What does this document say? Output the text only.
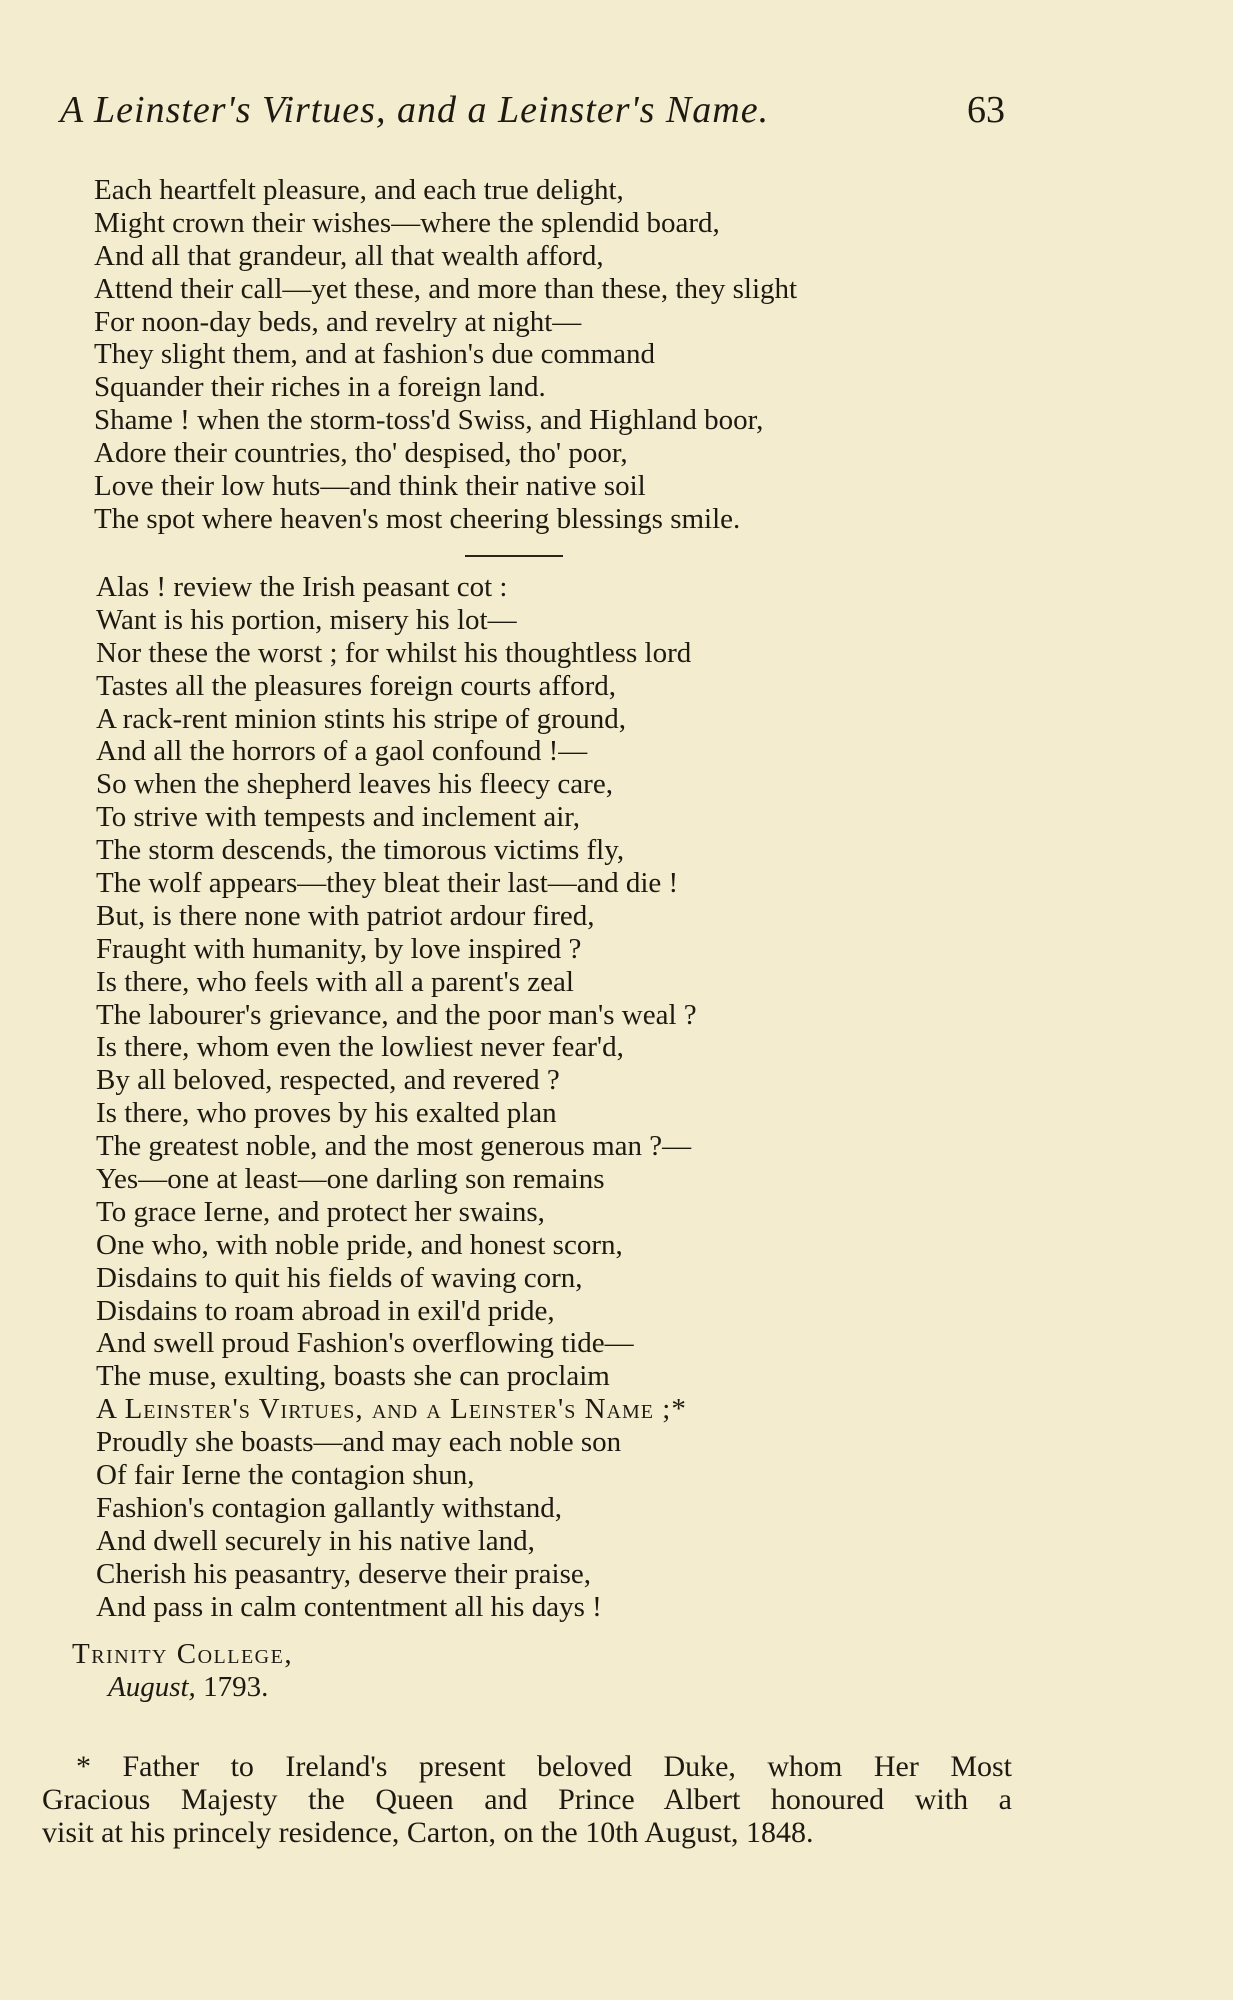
A Leinster's Virtues, and a Leinster's Name.	63
Each heartfelt pleasure, and each true delight,
Might crown their wishes—where the splendid board,
And all that grandeur, all that wealth afford,
Attend their call—yet these, and more than these, they slight
For noon-day beds, and revelry at night—
They slight them, and at fashion's due command
Squander their riches in a foreign land.
Shame ! when the storm-toss'd Swiss, and Highland boor,
Adore their countries, tho' despised, tho' poor,
Love their low huts—and think their native soil
The spot where heaven's most cheering blessings smile.
Alas ! review the Irish peasant cot :
Want is his portion, misery his lot—
Nor these the worst ; for whilst his thoughtless lord
Tastes all the pleasures foreign courts afford,
A rack-rent minion stints his stripe of ground,
And all the horrors of a gaol confound !—
So when the shepherd leaves his fleecy care,
To strive with tempests and inclement air,
The storm descends, the timorous victims fly,
The wolf appears—they bleat their last—and die !
But, is there none with patriot ardour fired,
Fraught with humanity, by love inspired ?
Is there, who feels with all a parent's zeal
The labourer's grievance, and the poor man's weal ?
Is there, whom even the lowliest never fear'd,
By all beloved, respected, and revered ?
Is there, who proves by his exalted plan
The greatest noble, and the most generous man ?—
Yes—one at least—one darling son remains
To grace Ierne, and protect her swains,
One who, with noble pride, and honest scorn,
Disdains to quit his fields of waving corn,
Disdains to roam abroad in exil'd pride,
And swell proud Fashion's overflowing tide—
The muse, exulting, boasts she can proclaim
A Leinster's Virtues, and a Leinster's Name ;*
Proudly she boasts—and may each noble son
Of fair Ierne the contagion shun,
Fashion's contagion gallantly withstand,
And dwell securely in his native land,
Cherish his peasantry, deserve their praise,
And pass in calm contentment all his days !
Trinity College,
August, 1793.
* Father to Ireland's present beloved Duke, whom Her Most
Gracious Majesty the Queen and Prince Albert honoured with a
visit at his princely residence, Carton, on the 10th August, 1848.
